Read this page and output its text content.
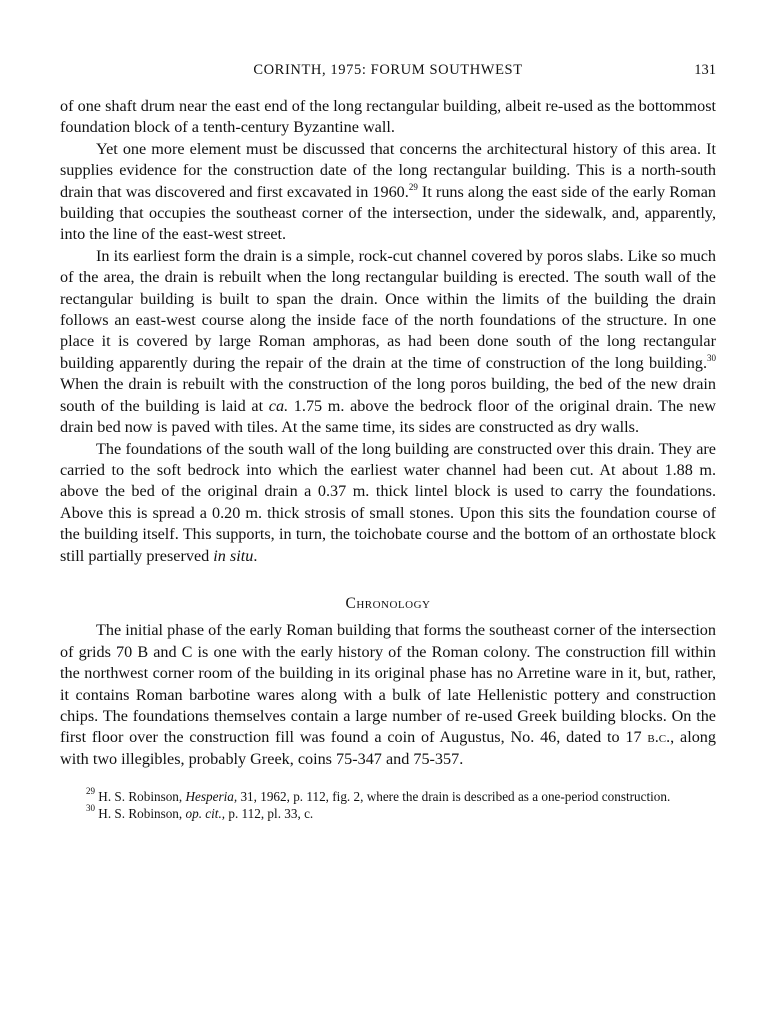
CORINTH, 1975: FORUM SOUTHWEST	131

of one shaft drum near the east end of the long rectangular building, albeit re-used as the bottommost foundation block of a tenth-century Byzantine wall.

Yet one more element must be discussed that concerns the architectural history of this area. It supplies evidence for the construction date of the long rectangular building. This is a north-south drain that was discovered and first excavated in 1960.29 It runs along the east side of the early Roman building that occupies the southeast corner of the intersection, under the sidewalk, and, apparently, into the line of the east-west street.

In its earliest form the drain is a simple, rock-cut channel covered by poros slabs. Like so much of the area, the drain is rebuilt when the long rectangular building is erected. The south wall of the rectangular building is built to span the drain. Once within the limits of the building the drain follows an east-west course along the inside face of the north foundations of the structure. In one place it is covered by large Roman amphoras, as had been done south of the long rectangular building apparently during the repair of the drain at the time of construction of the long building.$^{30}$ When the drain is rebuilt with the construction of the long poros building, the bed of the new drain south of the building is laid at ca. 1.75 m. above the bedrock floor of the original drain. The new drain bed now is paved with tiles. At the same time, its sides are constructed as dry walls.

The foundations of the south wall of the long building are constructed over this drain. They are carried to the soft bedrock into which the earliest water channel had been cut. At about 1.88 m. above the bed of the original drain a 0.37 m. thick lintel block is used to carry the foundations. Above this is spread a 0.20 m. thick strosis of small stones. Upon this sits the foundation course of the building itself. This supports, in turn, the toichobate course and the bottom of an orthostate block still partially preserved in situ.

Chronology

The initial phase of the early Roman building that forms the southeast corner of the intersection of grids 70 B and C is one with the early history of the Roman colony. The construction fill within the northwest corner room of the building in its original phase has no Arretine ware in it, but, rather, it contains Roman barbotine wares along with a bulk of late Hellenistic pottery and construction chips. The foundations themselves contain a large number of re-used Greek building blocks. On the first floor over the construction fill was found a coin of Augustus, No. 46, dated to 17 b.c., along with two illegibles, probably Greek, coins 75-347 and 75-357.

$^{29}$ H. S. Robinson, Hesperia, 31, 1962, p. 112, fig. 2, where the drain is described as a one-period construction.

$^{30}$ H. S. Robinson, op. cit., p. 112, pl. 33, c.
